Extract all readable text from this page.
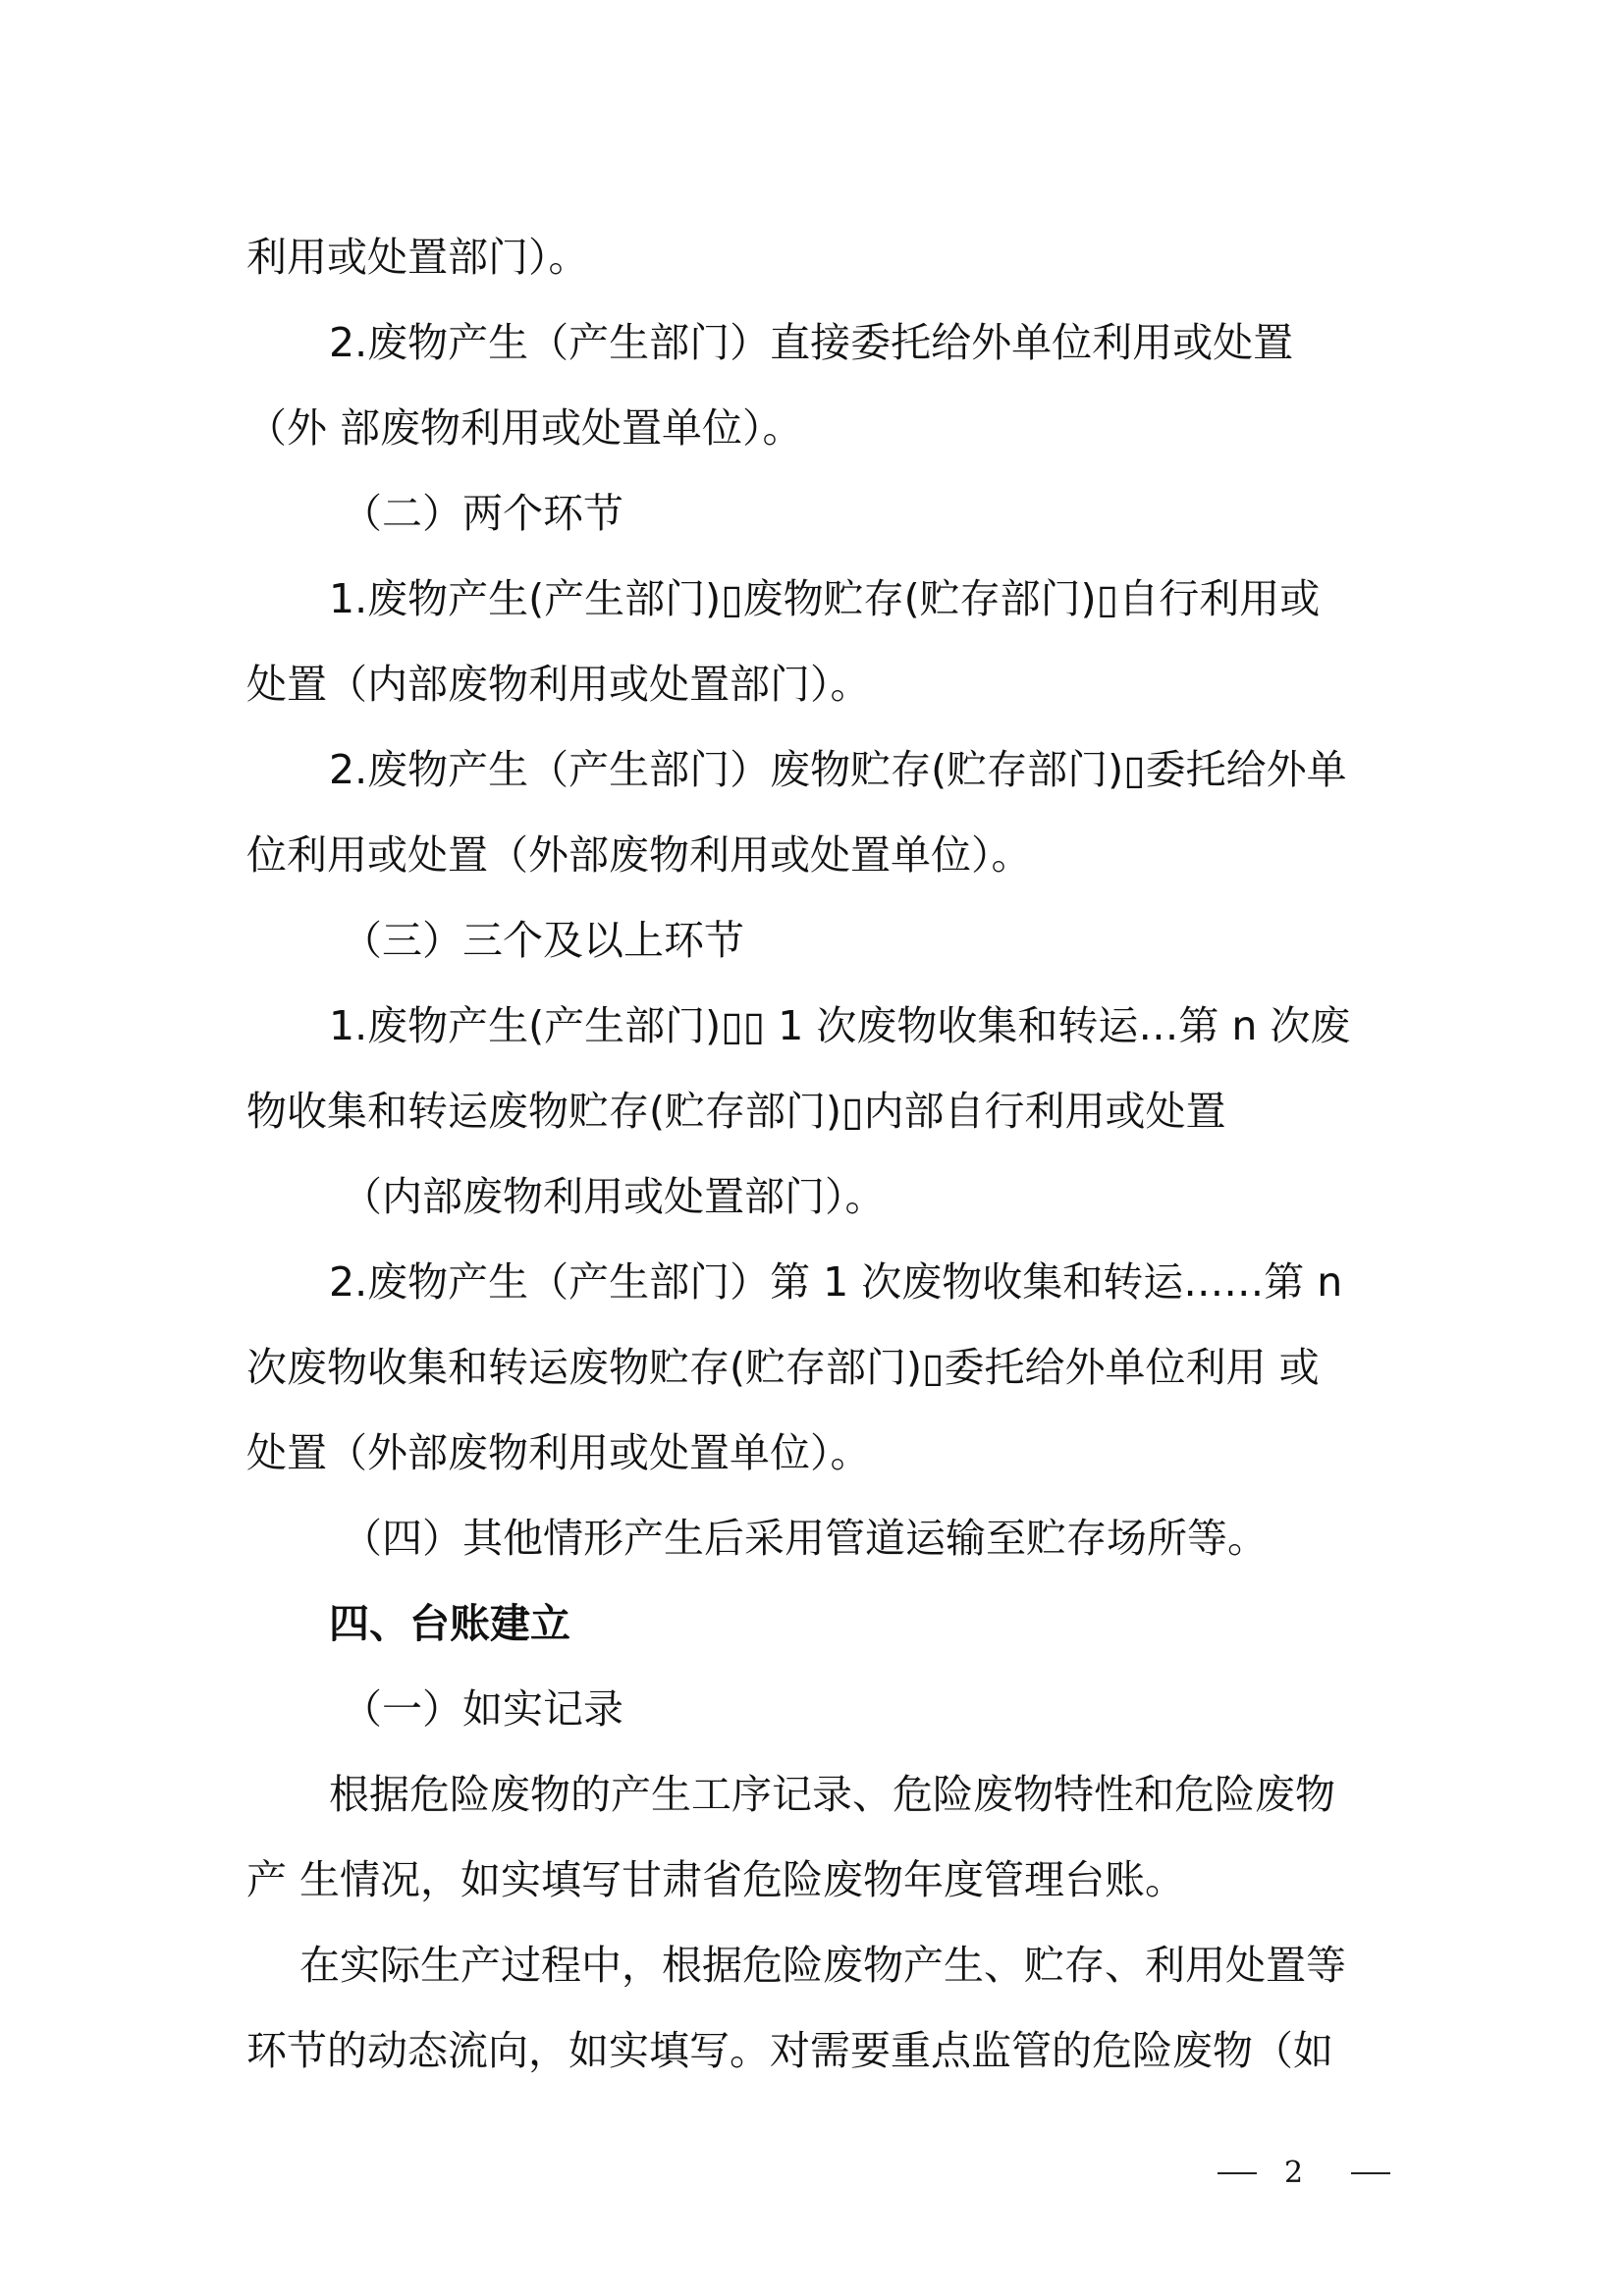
利用或处置部门）。

2.废物产生（产生部门）直接委托给外单位利用或处置

（外 部废物利用或处置单位）。

（二）两个环节

1.废物产生(产生部门)▯废物贮存(贮存部门)▯自行利用或

处置（内部废物利用或处置部门）。

2.废物产生（产生部门）废物贮存(贮存部门)▯委托给外单

位利用或处置（外部废物利用或处置单位）。

（三）三个及以上环节

1.废物产生(产生部门)▯▯ 1 次废物收集和转运…第 n 次废

物收集和转运废物贮存(贮存部门)▯内部自行利用或处置

（内部废物利用或处置部门）。

2.废物产生（产生部门）第 1 次废物收集和转运……第 n

次废物收集和转运废物贮存(贮存部门)▯委托给外单位利用 或

处置（外部废物利用或处置单位）。

（四）其他情形产生后采用管道运输至贮存场所等。

四、台账建立

（一）如实记录

根据危险废物的产生工序记录、危险废物特性和危险废物

产 生情况，如实填写甘肃省危险废物年度管理台账。

在实际生产过程中，根据危险废物产生、贮存、利用处置等

环节的动态流向，如实填写。对需要重点监管的危险废物（如

2
